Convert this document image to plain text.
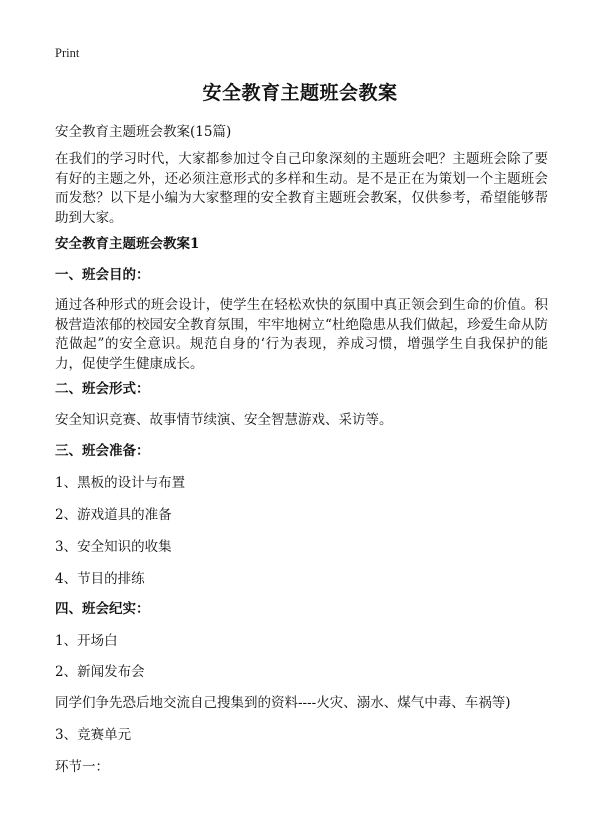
Print
安全教育主题班会教案
安全教育主题班会教案(15篇)
在我们的学习时代，大家都参加过令自己印象深刻的主题班会吧？主题班会除了要有好的主题之外，还必须注意形式的多样和生动。是不是正在为策划一个主题班会而发愁？以下是小编为大家整理的安全教育主题班会教案，仅供参考，希望能够帮助到大家。
安全教育主题班会教案1
一、班会目的：
通过各种形式的班会设计，使学生在轻松欢快的氛围中真正领会到生命的价值。积极营造浓郁的校园安全教育氛围，牢牢地树立“杜绝隐患从我们做起，珍爱生命从防范做起”的安全意识。规范自身的‘行为表现，养成习惯，增强学生自我保护的能力，促使学生健康成长。
二、班会形式：
安全知识竞赛、故事情节续演、安全智慧游戏、采访等。
三、班会准备：
1、黑板的设计与布置
2、游戏道具的准备
3、安全知识的收集
4、节目的排练
四、班会纪实：
1、开场白
2、新闻发布会
同学们争先恐后地交流自己搜集到的资料----火灾、溺水、煤气中毒、车祸等)
3、竞赛单元
环节一：
